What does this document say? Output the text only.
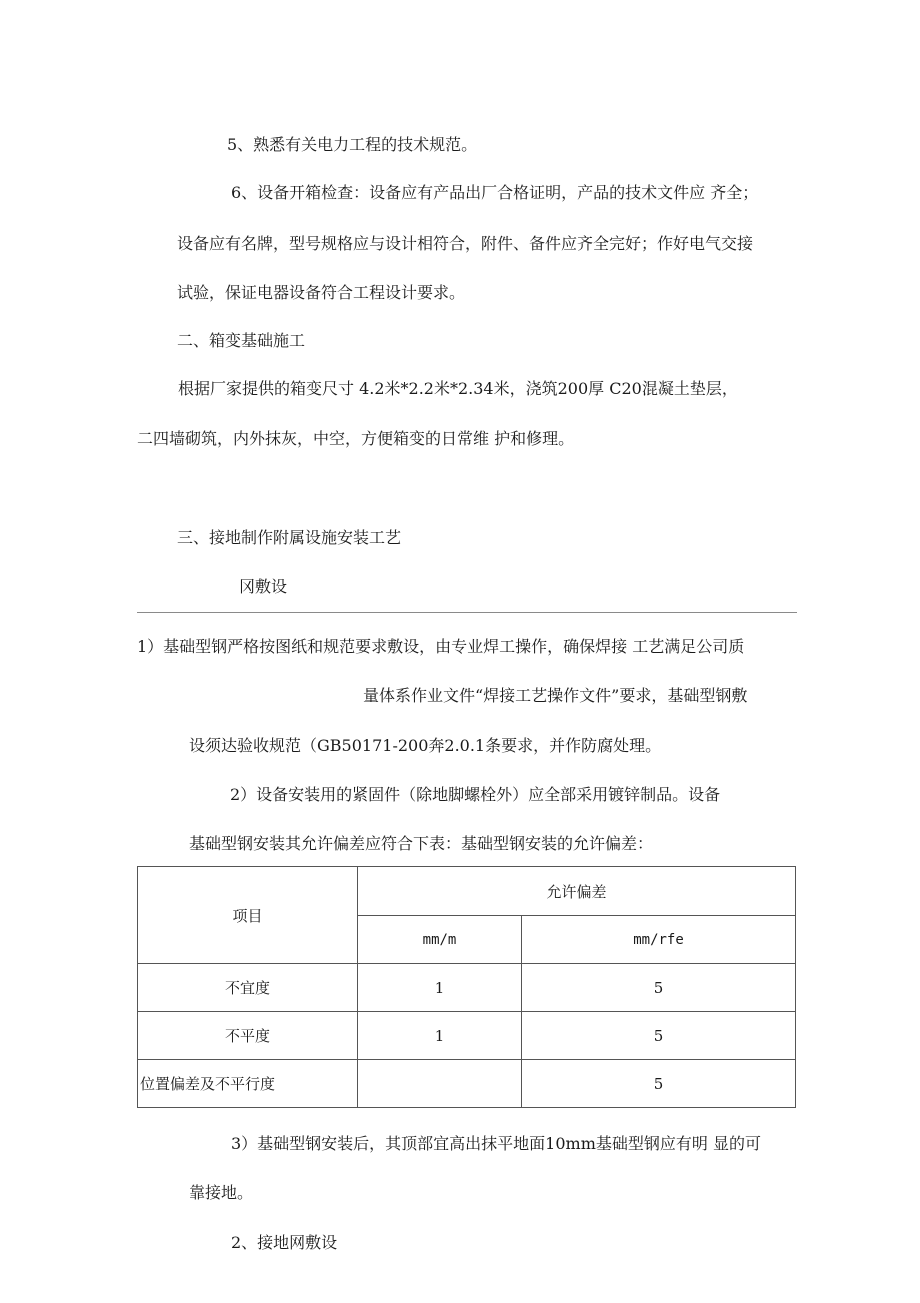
5、熟悉有关电力工程的技术规范。
6、设备开箱检查：设备应有产品出厂合格证明，产品的技术文件应 齐全；
设备应有名牌，型号规格应与设计相符合，附件、备件应齐全完好；作好电气交接
试验，保证电器设备符合工程设计要求。
二、箱变基础施工
根据厂家提供的箱变尺寸 4.2米*2.2米*2.34米，浇筑200厚 C20混凝土垫层，
二四墙砌筑，内外抹灰，中空，方便箱变的日常维 护和修理。
三、接地制作附属设施安装工艺
冈敷设
1）基础型钢严格按图纸和规范要求敷设，由专业焊工操作，确保焊接 工艺满足公司质
量体系作业文件“焊接工艺操作文件”要求，基础型钢敷
设须达验收规范（GB50171-200奔2.0.1条要求，并作防腐处理。
2）设备安装用的紧固件（除地脚螺栓外）应全部采用镀锌制品。设备
基础型钢安装其允许偏差应符合下表：基础型钢安装的允许偏差：
项目	允许偏差	
	mm/m	mm/rfe
不宜度	1	5
不平度	1	5
位置偏差及不平行度		5
3）基础型钢安装后，其顶部宜高出抹平地面10mm基础型钢应有明 显的可
靠接地。
2、接地网敷设
